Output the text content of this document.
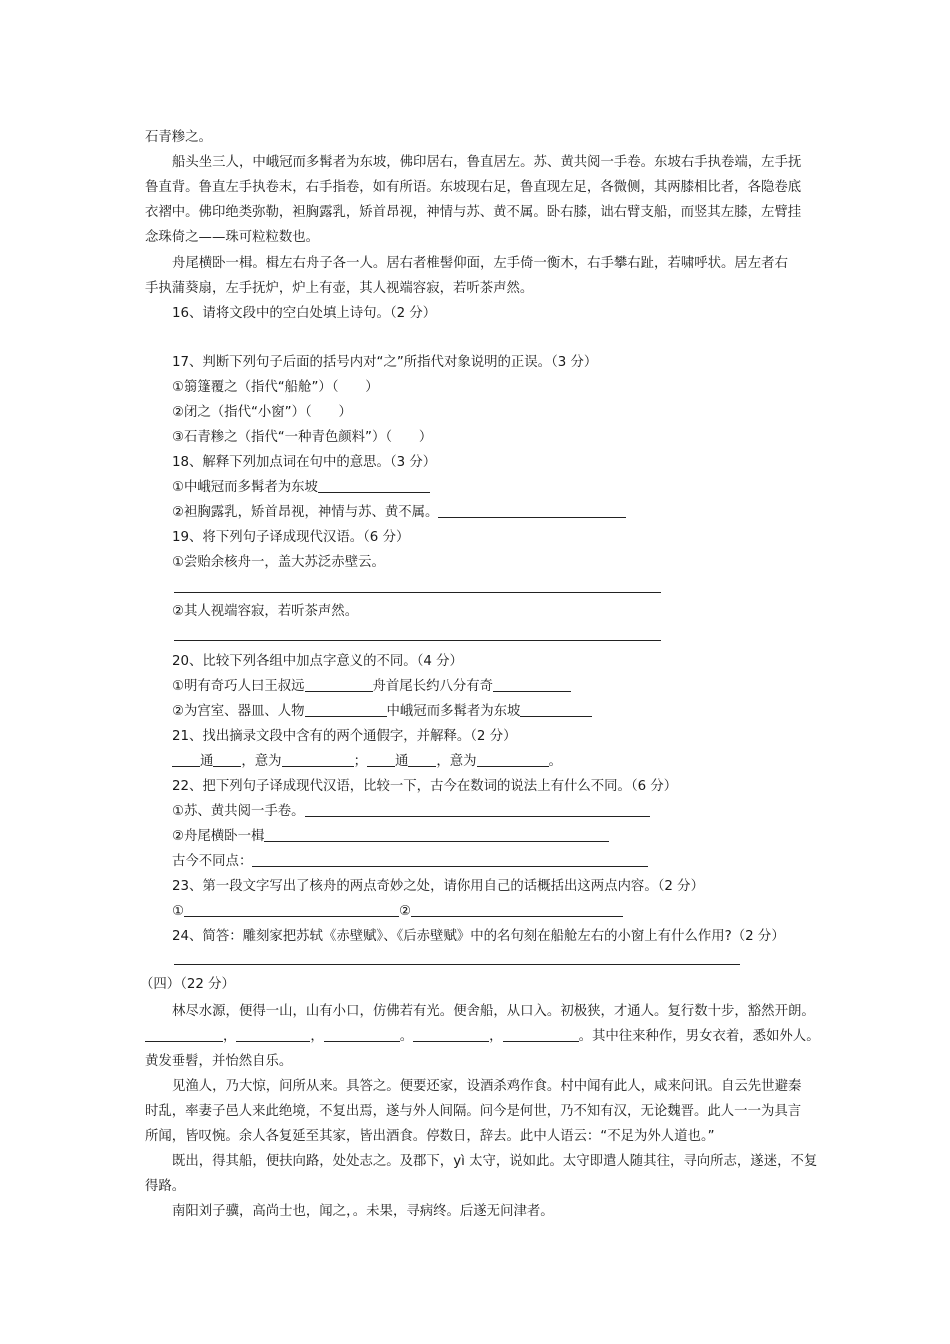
石青糁之。
船头坐三人，中峨冠而多髯者为东坡，佛印居右，鲁直居左。苏、黄共阅一手卷。东坡右手执卷端，左手抚
鲁直背。鲁直左手执卷末，右手指卷，如有所语。东坡现右足，鲁直现左足，各微侧，其两膝相比者，各隐卷底
衣褶中。佛印绝类弥勒，袒胸露乳，矫首昂视，神情与苏、黄不属。卧右膝，诎右臂支船，而竖其左膝，左臂挂
念珠倚之——珠可粒粒数也。
舟尾横卧一楫。楫左右舟子各一人。居右者椎髻仰面，左手倚一衡木，右手攀右趾，若啸呼状。居左者右
手执蒲葵扇，左手抚炉，炉上有壶，其人视端容寂，若听茶声然。
16、请将文段中的空白处填上诗句。（2 分）
17、判断下列句子后面的括号内对“之”所指代对象说明的正误。（3 分）
①篛篷覆之（指代“船舱”）（　　）
②闭之（指代“小窗”）（　　）
③石青糁之（指代“一种青色颜料”）（　　）
18、解释下列加点词在句中的意思。（3 分）
①中峨冠而多髯者为东坡
②袒胸露乳，矫首昂视，神情与苏、黄不属。
19、将下列句子译成现代汉语。（6 分）
①尝贻余核舟一，盖大苏泛赤壁云。
②其人视端容寂，若听茶声然。
20、比较下列各组中加点字意义的不同。（4 分）
①明有奇巧人曰王叔远	舟首尾长约八分有奇
②为宫室、器皿、人物	中峨冠而多髯者为东坡
21、找出摘录文段中含有的两个通假字，并解释。（2 分）
通 ，意为	； 通 ，意为	。
22、把下列句子译成现代汉语，比较一下，古今在数词的说法上有什么不同。（6 分）
①苏、黄共阅一手卷。
②舟尾横卧一楫
古今不同点：
23、第一段文字写出了核舟的两点奇妙之处，请你用自己的话概括出这两点内容。（2 分）
①	②
24、简答：雕刻家把苏轼《赤壁赋》、《后赤壁赋》中的名句刻在船舱左右的小窗上有什么作用?（2 分）
（四）（22 分）
林尽水源，便得一山，山有小口，仿佛若有光。便舍船，从口入。初极狭，才通人。复行数十步，豁然开朗。
，	，	。	，	。其中往来种作，男女衣着，悉如外人。
黄发垂髫，并怡然自乐。
见渔人，乃大惊，问所从来。具答之。便要还家，设酒杀鸡作食。村中闻有此人，咸来问讯。自云先世避秦
时乱，率妻子邑人来此绝境，不复出焉，遂与外人间隔。问今是何世，乃不知有汉，无论魏晋。此人一一为具言
所闻，皆叹惋。余人各复延至其家，皆出酒食。停数日，辞去。此中人语云：“不足为外人道也。”
既出，得其船，便扶向路，处处志之。及郡下，yì 太守，说如此。太守即遣人随其往，寻向所志，遂迷，不复
得路。
南阳刘子骥，高尚士也，闻之，。未果，寻病终。后遂无问津者。
